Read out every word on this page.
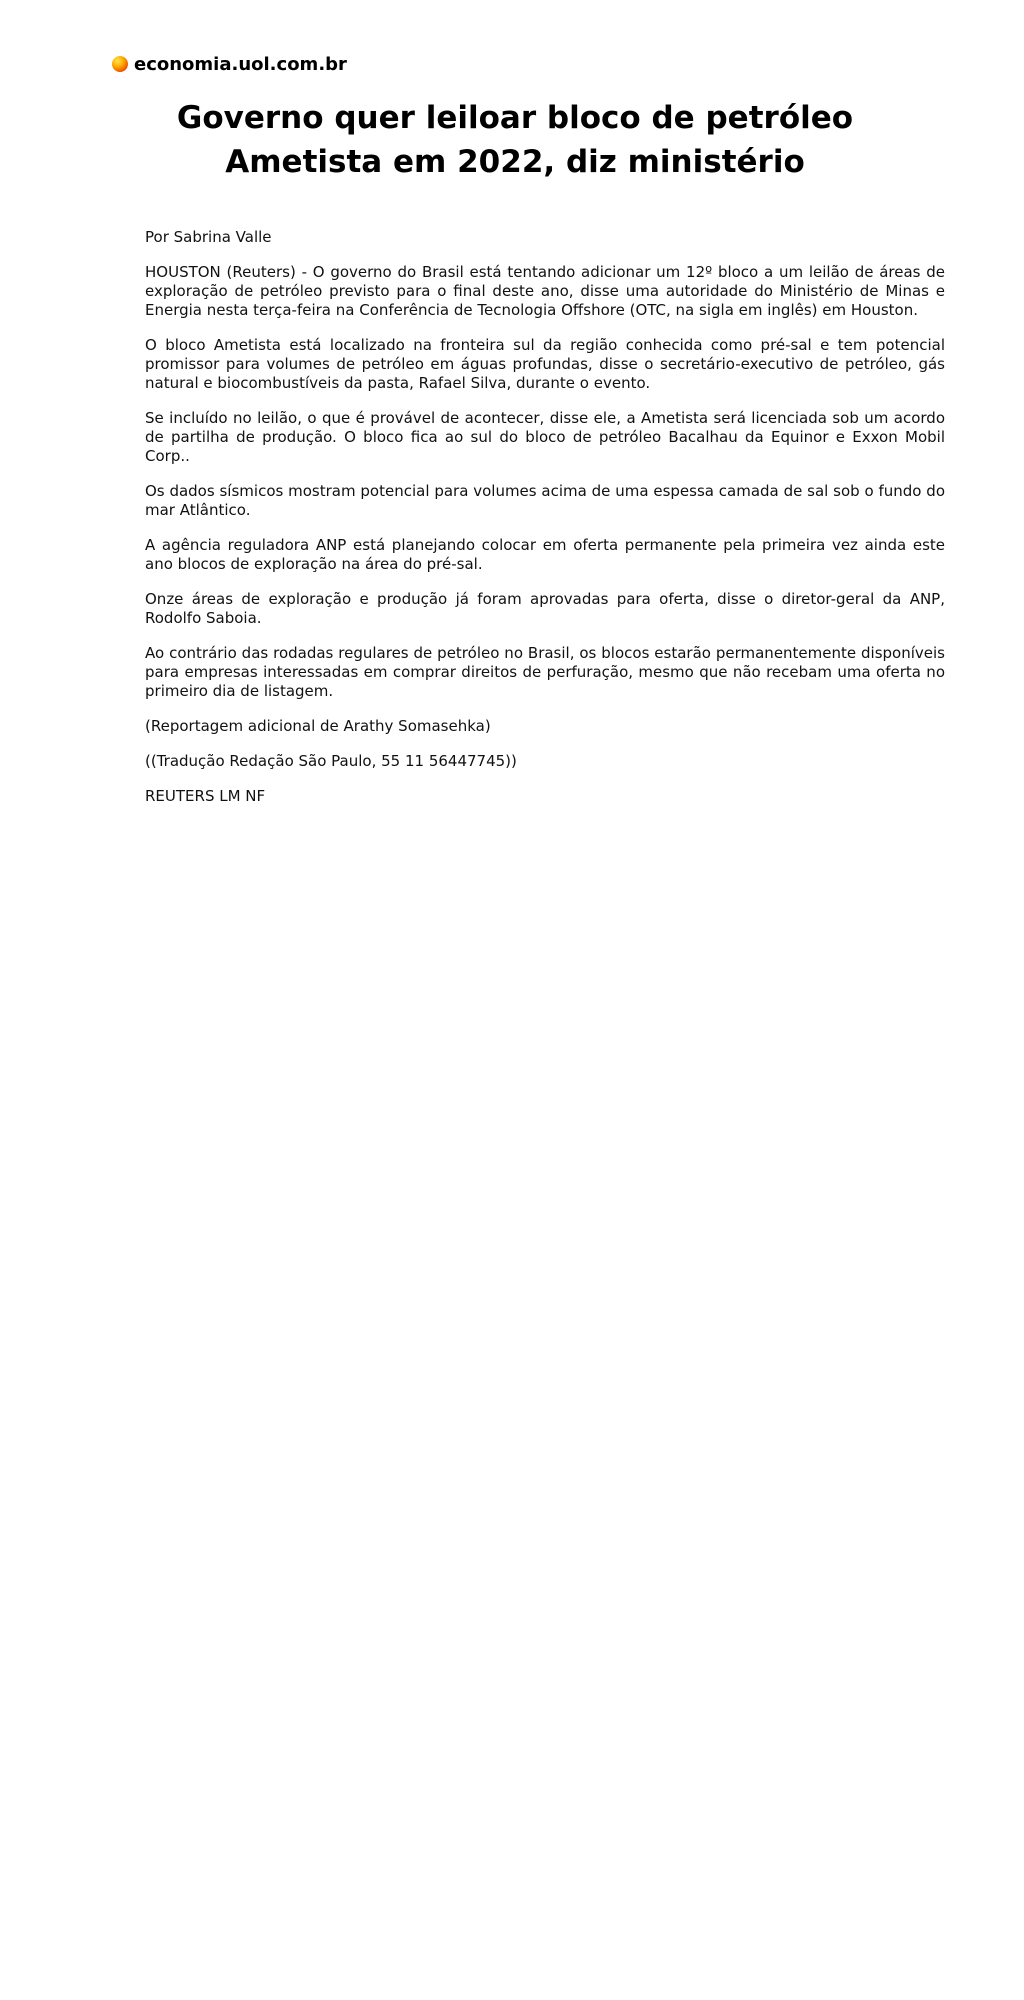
economia.uol.com.br
Governo quer leiloar bloco de petróleo Ametista em 2022, diz ministério

Por Sabrina Valle

HOUSTON (Reuters) - O governo do Brasil está tentando adicionar um 12º bloco a um leilão de áreas de exploração de petróleo previsto para o final deste ano, disse uma autoridade do Ministério de Minas e Energia nesta terça-feira na Conferência de Tecnologia Offshore (OTC, na sigla em inglês) em Houston.

O bloco Ametista está localizado na fronteira sul da região conhecida como pré-sal e tem potencial promissor para volumes de petróleo em águas profundas, disse o secretário-executivo de petróleo, gás natural e biocombustíveis da pasta, Rafael Silva, durante o evento.

Se incluído no leilão, o que é provável de acontecer, disse ele, a Ametista será licenciada sob um acordo de partilha de produção. O bloco fica ao sul do bloco de petróleo Bacalhau da Equinor e Exxon Mobil Corp..

Os dados sísmicos mostram potencial para volumes acima de uma espessa camada de sal sob o fundo do mar Atlântico.

A agência reguladora ANP está planejando colocar em oferta permanente pela primeira vez ainda este ano blocos de exploração na área do pré-sal.

Onze áreas de exploração e produção já foram aprovadas para oferta, disse o diretor-geral da ANP, Rodolfo Saboia.

Ao contrário das rodadas regulares de petróleo no Brasil, os blocos estarão permanentemente disponíveis para empresas interessadas em comprar direitos de perfuração, mesmo que não recebam uma oferta no primeiro dia de listagem.

(Reportagem adicional de Arathy Somasehka)

((Tradução Redação São Paulo, 55 11 56447745))

REUTERS LM NF
